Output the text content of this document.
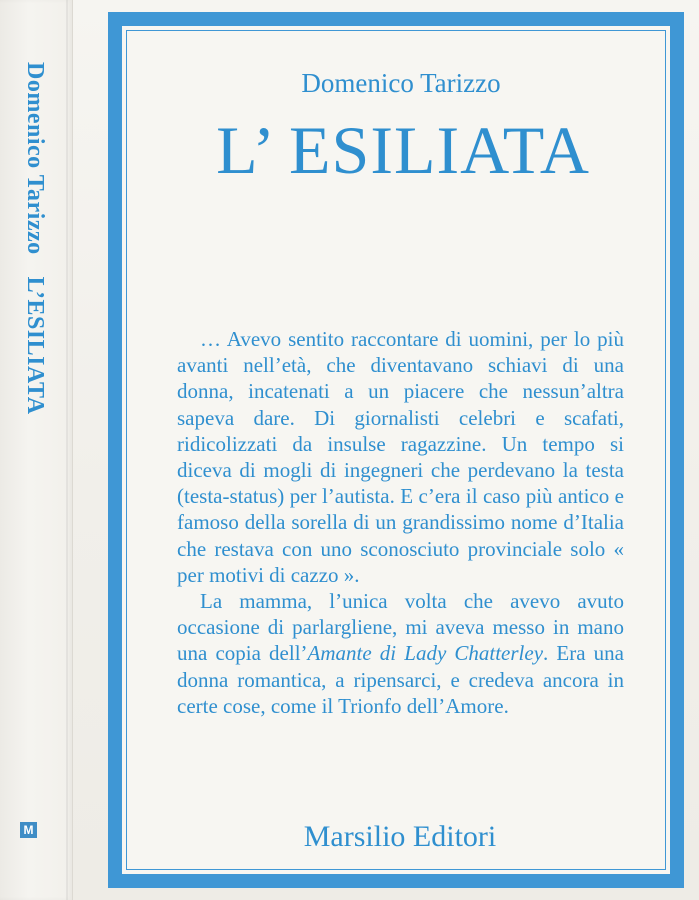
Domenico TarizzoL’ESILIATA
M
Domenico Tarizzo
L’ ESILIATA

… Avevo sentito raccontare di uomini, per lo più avanti nell’età, che diventavano schiavi di una donna, incatenati a un piacere che nessun’altra sapeva dare. Di giornalisti celebri e scafati, ridicolizzati da insulse ragazzine. Un tempo si diceva di mogli di ingegneri che perdevano la testa (testa-status) per l’autista. E c’era il caso più antico e famoso della sorella di un grandissimo nome d’Italia che restava con uno sconosciuto provinciale solo « per motivi di cazzo ».

La mamma, l’unica volta che avevo avuto occasione di parlargliene, mi aveva messo in mano una copia dell’Amante di Lady Chatterley. Era una donna romantica, a ripensarci, e credeva ancora in certe cose, come il Trionfo dell’Amore.

Marsilio Editori
